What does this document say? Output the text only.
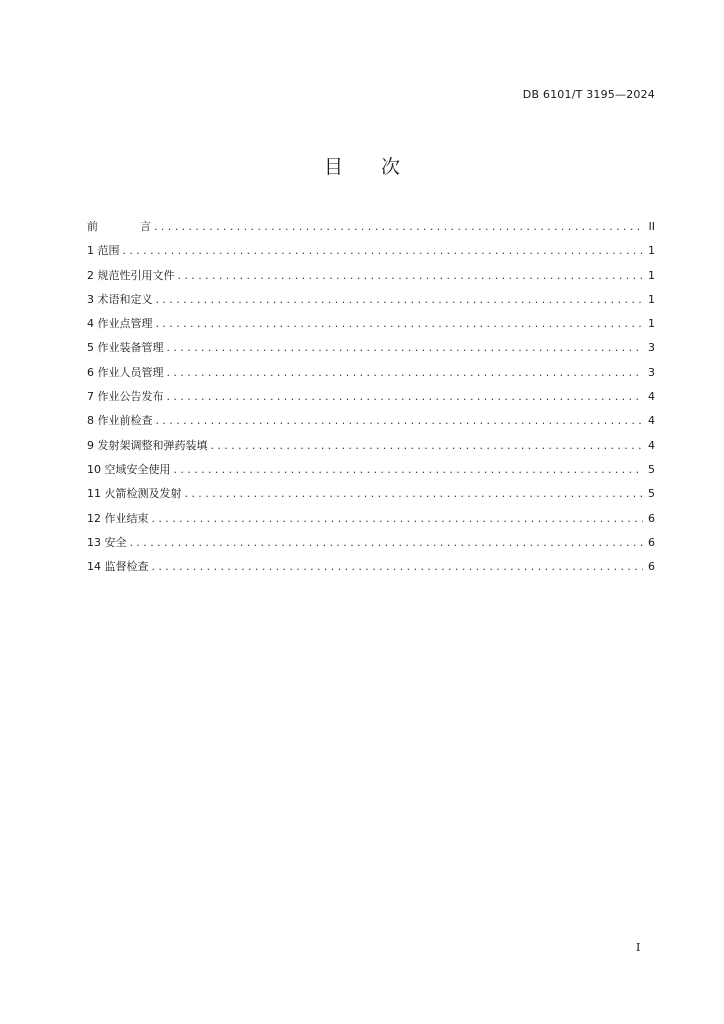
DB 6101/T 3195—2024
目 次
前	言 .....	II
1 范围 .....	1
2 规范性引用文件 .....	1
3 术语和定义 .....	1
4 作业点管理 .....	1
5 作业装备管理 .....	3
6 作业人员管理 .....	3
7 作业公告发布 .....	4
8 作业前检查 .....	4
9 发射架调整和弹药装填 .....	4
10 空域安全使用 .....	5
11 火箭检测及发射 .....	5
12 作业结束 .....	6
13 安全 .....	6
14 监督检查 .....	6
I
